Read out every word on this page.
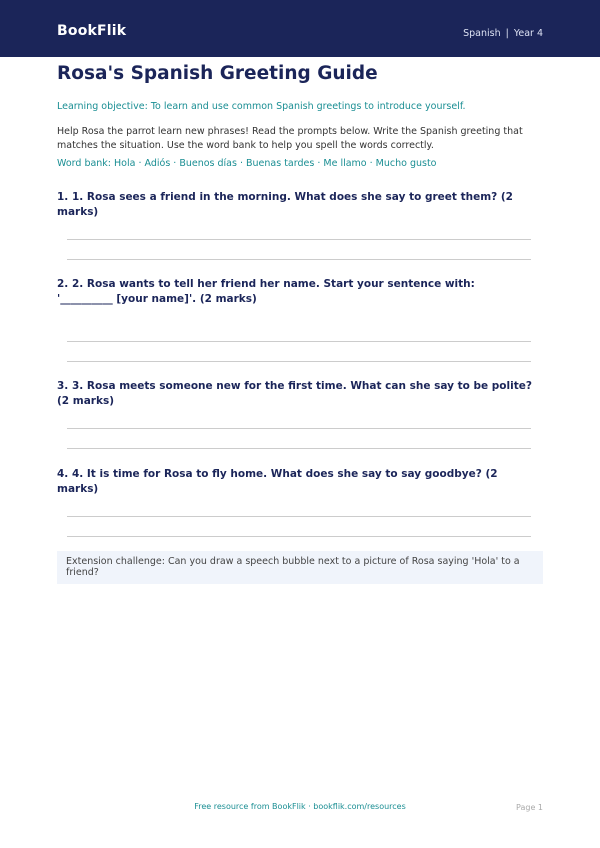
BookFlik	Spanish | Year 4
Rosa's Spanish Greeting Guide
Learning objective: To learn and use common Spanish greetings to introduce yourself.
Help Rosa the parrot learn new phrases! Read the prompts below. Write the Spanish greeting that matches the situation. Use the word bank to help you spell the words correctly.
Word bank: Hola · Adiós · Buenos días · Buenas tardes · Me llamo · Mucho gusto
1. 1. Rosa sees a friend in the morning. What does she say to greet them? (2 marks)
2. 2. Rosa wants to tell her friend her name. Start your sentence with: '__________ [your name]'. (2 marks)
3. 3. Rosa meets someone new for the first time. What can she say to be polite? (2 marks)
4. 4. It is time for Rosa to fly home. What does she say to say goodbye? (2 marks)
Extension challenge: Can you draw a speech bubble next to a picture of Rosa saying 'Hola' to a friend?
Free resource from BookFlik · bookflik.com/resources	Page 1
